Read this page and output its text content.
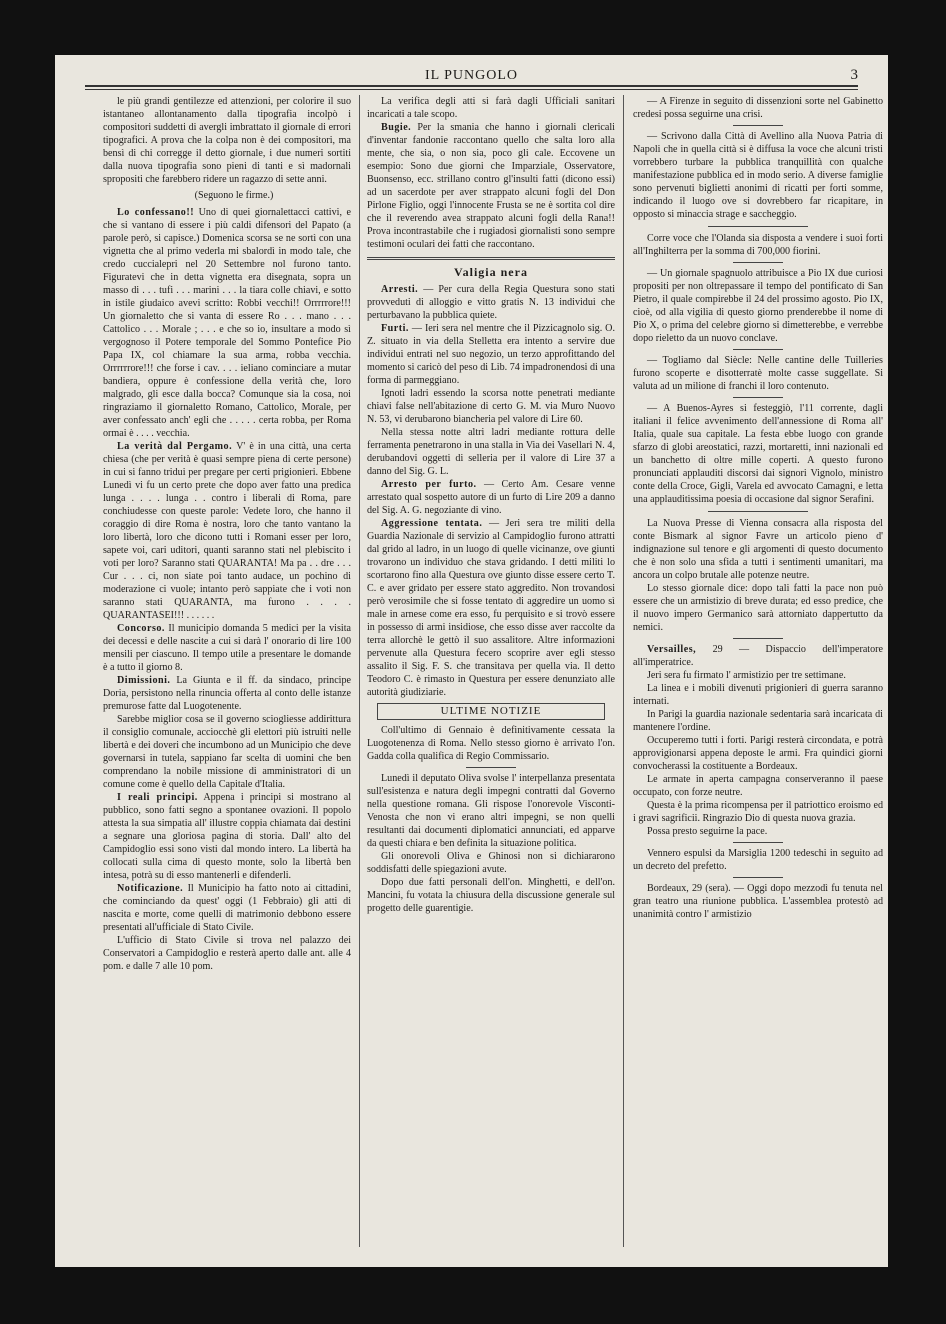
IL PUNGOLO	3

le più grandi gentilezze ed attenzioni, per colorire il suo istantaneo allontanamento dalla tipografia incolpò i compositori suddetti di avergli imbrattato il giornale di errori tipografici. A prova che la colpa non è dei compositori, ma bensì di chi corregge il detto giornale, i due numeri sortiti dalla nuova tipografia sono pieni di tanti e sì madornali spropositi che farebbero ridere un ragazzo di sette anni.

(Seguono le firme.)

Lo confessano!! Uno di quei giornalettacci cattivi, e che si vantano di essere i più caldi difensori del Papato (a parole però, si capisce.) Domenica scorsa se ne sortì con una vignetta che al primo vederla mi sbalordì in modo tale, che credo cuccialepri nel 20 Settembre nol furono tanto. Figuratevi che in detta vignetta era disegnata, sopra un masso di . . . tufi . . . marini . . . la tiara colle chiavi, e sotto in istile giudaico avevi scritto: Robbi vecchi!! Orrrrrore!!! Un giornaletto che si vanta di essere Ro . . . mano . . . Cattolico . . . Morale ; . . . e che so io, insultare a modo sì vergognoso il Potere temporale del Sommo Pontefice Pio Papa IX, col chiamare la sua arma, robba vecchia. Orrrrrrore!!! che forse i cav. . . . ieliano cominciare a mutar bandiera, oppure è confessione della verità che, loro malgrado, gli esce dalla bocca? Comunque sia la cosa, noi ringraziamo il giornaletto Romano, Cattolico, Morale, per aver confessato anch' egli che . . . . . certa robba, per Roma ormai è . . . . vecchia.

La verità dal Pergamo. V' è in una città, una certa chiesa (che per verità è quasi sempre piena di certe persone) in cui si fanno tridui per pregare per certi prigionieri. Ebbene Lunedì vi fu un certo prete che dopo aver fatto una predica lunga . . . . lunga . . contro i liberali di Roma, pare conchiudesse con queste parole: Vedete loro, che hanno il coraggio di dire Roma è nostra, loro che tanto vantano la loro libertà, loro che dicono tutti i Romani esser per loro, sapete voi, cari uditori, quanti saranno stati nel plebiscito i voti per loro? Saranno stati QUARANTA! Ma pa . . dre . . . Cur . . . ci, non siate poi tanto audace, un pochino di moderazione ci vuole; intanto però sappiate che i voti non saranno stati QUARANTA, ma furono . . . . QUARANTASEI!!! . . . . . .

Concorso. Il municipio domanda 5 medici per la visita dei decessi e delle nascite a cui si darà l' onorario di lire 100 mensili per ciascuno. Il tempo utile a presentare le domande è a tutto il giorno 8.

Dimissioni. La Giunta e il ff. da sindaco, principe Doria, persistono nella rinuncia offerta al conto delle istanze premurose fatte dal Luogotenente.

Sarebbe miglior cosa se il governo sciogliesse addirittura il consiglio comunale, acciocchè gli elettori più istruiti nelle libertà e dei doveri che incumbono ad un Municipio che deve governarsi in tutela, sappiano far scelta di uomini che ben comprendano la nobile missione di amministratori di un comune come è quello della Capitale d'Italia.

I reali principi. Appena i principi si mostrano al pubblico, sono fatti segno a spontanee ovazioni. Il popolo attesta la sua simpatia all' illustre coppia chiamata dai destini a segnare una gloriosa pagina di storia. Dall' alto del Campidoglio essi sono visti dal mondo intero. La libertà ha collocati sulla cima di questo monte, solo la libertà ben intesa, potrà su di esso mantenerli e difenderli.

Notificazione. Il Municipio ha fatto noto ai cittadini, che cominciando da quest' oggi (1 Febbraio) gli atti di nascita e morte, come quelli di matrimonio debbono essere presentati all'ufficiale di Stato Civile.

L'ufficio di Stato Civile si trova nel palazzo dei Conservatori a Campidoglio e resterà aperto dalle ant. alle 4 pom. e dalle 7 alle 10 pom.

La verifica degli atti si farà dagli Ufficiali sanitari incaricati a tale scopo.

Bugie. Per la smania che hanno i giornali clericali d'inventar fandonie raccontano quello che salta loro alla mente, che sia, o non sia, poco gli cale. Eccovene un esempio: Sono due giorni che Imparziale, Osservatore, Buonsenso, ecc. strillano contro gl'insulti fatti (dicono essi) ad un sacerdote per aver strappato alcuni fogli del Don Pirlone Figlio, oggi l'innocente Frusta se ne è sortita col dire che il reverendo avea strappato alcuni fogli della Rana!! Prova incontrastabile che i rugiadosi giornalisti sono sempre testimoni oculari dei fatti che raccontano.

Valigia nera

Arresti. — Per cura della Regia Questura sono stati provveduti di alloggio e vitto gratis N. 13 individui che perturbavano la pubblica quiete.

Furti. — Ieri sera nel mentre che il Pizzicagnolo sig. O. Z. situato in via della Stelletta era intento a servire due individui entrati nel suo negozio, un terzo approfittando del momento si caricò del peso di Lib. 74 impadronendosi di una forma di parmeggiano.

Ignoti ladri essendo la scorsa notte penetrati mediante chiavi false nell'abitazione di certo G. M. via Muro Nuovo N. 53, vi derubarono biancheria pel valore di Lire 60.

Nella stessa notte altri ladri mediante rottura delle ferramenta penetrarono in una stalla in Via dei Vasellari N. 4, derubandovi oggetti di selleria per il valore di Lire 37 a danno del Sig. G. L.

Arresto per furto. — Certo Am. Cesare venne arrestato qual sospetto autore di un furto di Lire 209 a danno del Sig. A. G. negoziante di vino.

Aggressione tentata. — Jeri sera tre militi della Guardia Nazionale di servizio al Campidoglio furono attratti dal grido al ladro, in un luogo di quelle vicinanze, ove giunti trovarono un individuo che stava gridando. I detti militi lo scortarono fino alla Questura ove giunto disse essere certo T. C. e aver gridato per essere stato aggredito. Non trovandosi però verosimile che si fosse tentato di aggredire un uomo sì male in arnese come era esso, fu perquisito e si trovò essere in possesso di armi insidiose, che esso disse aver raccolte da terra allorchè le gettò il suo assalitore. Altre informazioni pervenute alla Questura fecero scoprire aver egli stesso assalito il Sig. F. S. che transitava per quella via. Il detto Teodoro C. è rimasto in Questura per essere denunziato alle autorità giudiziarie.

ULTIME NOTIZIE

Coll'ultimo di Gennaio è definitivamente cessata la Luogotenenza di Roma. Nello stesso giorno è arrivato l'on. Gadda colla qualifica di Regio Commissario.

Lunedì il deputato Oliva svolse l' interpellanza presentata sull'esistenza e natura degli impegni contratti dal Governo nella questione romana. Gli rispose l'onorevole Visconti-Venosta che non vi erano altri impegni, se non quelli resultanti dai documenti diplomatici annunciati, ed apparve da questi chiara e ben definita la situazione politica.

Gli onorevoli Oliva e Ghinosi non si dichiararono soddisfatti delle spiegazioni avute.

Dopo due fatti personali dell'on. Minghetti, e dell'on. Mancini, fu votata la chiusura della discussione generale sul progetto delle guarentigie.

— A Firenze in seguito di dissenzioni sorte nel Gabinetto credesi possa seguirne una crisi.

— Scrivono dalla Città di Avellino alla Nuova Patria di Napoli che in quella città si è diffusa la voce che alcuni tristi vorrebbero turbare la pubblica tranquillità con qualche manifestazione pubblica ed in modo serio. A diverse famiglie sono pervenuti biglietti anonimi di ricatti per forti somme, indicando il luogo ove si dovrebbero far ricapitare, in opposto si minaccia strage e saccheggio.

Corre voce che l'Olanda sia disposta a vendere i suoi forti all'Inghilterra per la somma di 700,000 fiorini.

— Un giornale spagnuolo attribuisce a Pio IX due curiosi propositi per non oltrepassare il tempo del pontificato di San Pietro, il quale compirebbe il 24 del prossimo agosto. Pio IX, cioè, od alla vigilia di questo giorno prenderebbe il nome di Pio X, o prima del celebre giorno si dimetterebbe, e verrebbe dopo rieletto da un nuovo conclave.

— Togliamo dal Siècle: Nelle cantine delle Tuilleries furono scoperte e disotterratè molte casse suggellate. Si valuta ad un milione di franchi il loro contenuto.

— A Buenos-Ayres si festeggiò, l'11 corrente, dagli italiani il felice avvenimento dell'annessione di Roma all' Italia, quale sua capitale. La festa ebbe luogo con grande sfarzo di globi areostatici, razzi, mortaretti, inni nazionali ed un banchetto di oltre mille coperti. A questo furono pronunciati applauditi discorsi dai signori Vignolo, ministro conte della Croce, Gigli, Varela ed avvocato Camagni, e letta una applauditissima poesia di occasione dal signor Serafini.

La Nuova Presse di Vienna consacra alla risposta del conte Bismark al signor Favre un articolo pieno d' indignazione sul tenore e gli argomenti di questo documento che è non solo una sfida a tutti i sentimenti umanitari, ma ancora un colpo brutale alle potenze neutre.

Lo stesso giornale dice: dopo tali fatti la pace non può essere che un armistizio di breve durata; ed esso predice, che il nuovo impero Germanico sarà attorniato dappertutto da nemici.

Versailles, 29 — Dispaccio dell'imperatore all'imperatrice.

Jeri sera fu firmato l' armistizio per tre settimane.

La linea e i mobili divenuti prigionieri di guerra saranno internati.

In Parigi la guardia nazionale sedentaria sarà incaricata di mantenere l'ordine.

Occuperemo tutti i forti. Parigi resterà circondata, e potrà approvigionarsi appena deposte le armi. Fra quindici giorni convocherassi la costituente a Bordeaux.

Le armate in aperta campagna conserveranno il paese occupato, con forze neutre.

Questa è la prima ricompensa per il patriottico eroismo ed i gravi sagrificii. Ringrazio Dio di questa nuova grazia.

Possa presto seguirne la pace.

Vennero espulsi da Marsiglia 1200 tedeschi in seguito ad un decreto del prefetto.

Bordeaux, 29 (sera). — Oggi dopo mezzodì fu tenuta nel gran teatro una riunione pubblica. L'assemblea protestò ad unanimità contro l' armistizio
